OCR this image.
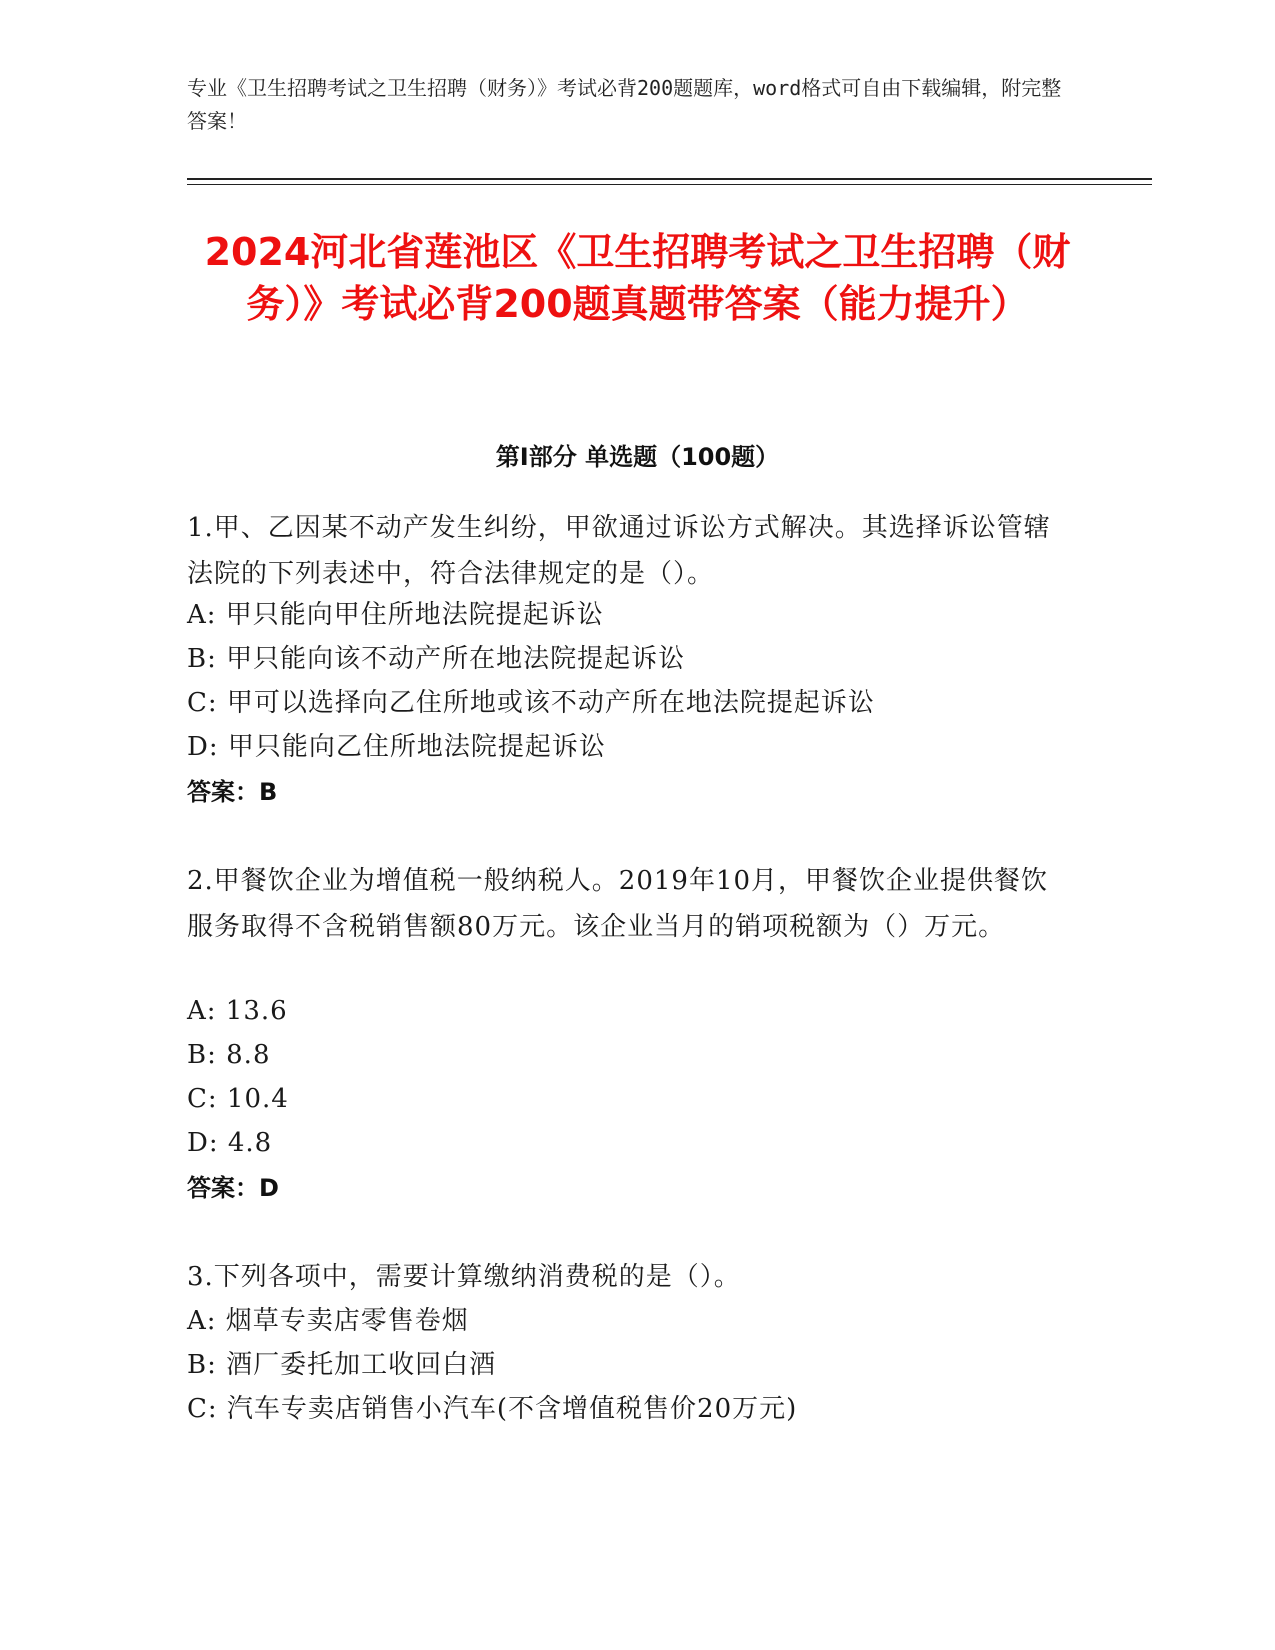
专业《卫生招聘考试之卫生招聘（财务）》考试必背200题题库，word格式可自由下载编辑，附完整答案！
2024河北省莲池区《卫生招聘考试之卫生招聘（财务）》考试必背200题真题带答案（能力提升）
第I部分 单选题（100题）
1.甲、乙因某不动产发生纠纷，甲欲通过诉讼方式解决。其选择诉讼管辖法院的下列表述中，符合法律规定的是（）。
A: 甲只能向甲住所地法院提起诉讼
B: 甲只能向该不动产所在地法院提起诉讼
C: 甲可以选择向乙住所地或该不动产所在地法院提起诉讼
D: 甲只能向乙住所地法院提起诉讼
答案：B
2.甲餐饮企业为增值税一般纳税人。2019年10月，甲餐饮企业提供餐饮服务取得不含税销售额80万元。该企业当月的销项税额为（）万元。
A: 13.6
B: 8.8
C: 10.4
D: 4.8
答案：D
3.下列各项中，需要计算缴纳消费税的是（）。
A: 烟草专卖店零售卷烟
B: 酒厂委托加工收回白酒
C: 汽车专卖店销售小汽车(不含增值税售价20万元)
